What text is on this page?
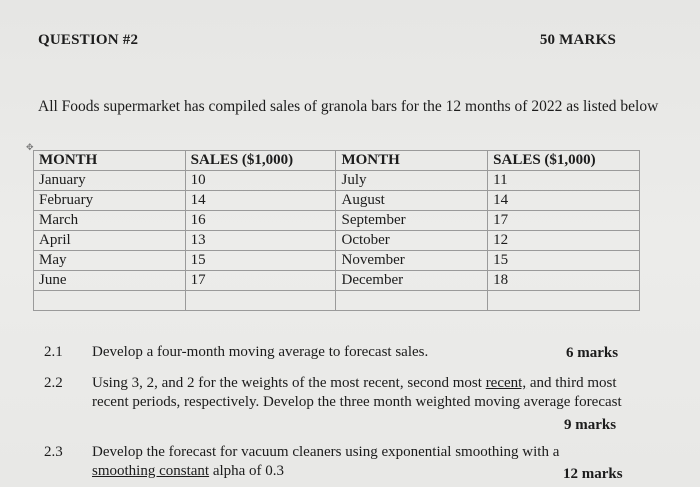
QUESTION #2	50 MARKS
All Foods supermarket has compiled sales of granola bars for the 12 months of 2022 as listed below
✥
MONTH	SALES ($1,000)	MONTH	SALES ($1,000)
January	10	July	11
February	14	August	14
March	16	September	17
April	13	October	12
May	15	November	15
June	17	December	18

2.1 Develop a four-month moving average to forecast sales.	6 marks
2.2 Using 3, 2, and 2 for the weights of the most recent, second most recent, and third most recent periods, respectively. Develop the three month weighted moving average forecast
9 marks
2.3 Develop the forecast for vacuum cleaners using exponential smoothing with a smoothing constant alpha of 0.3	12 marks
